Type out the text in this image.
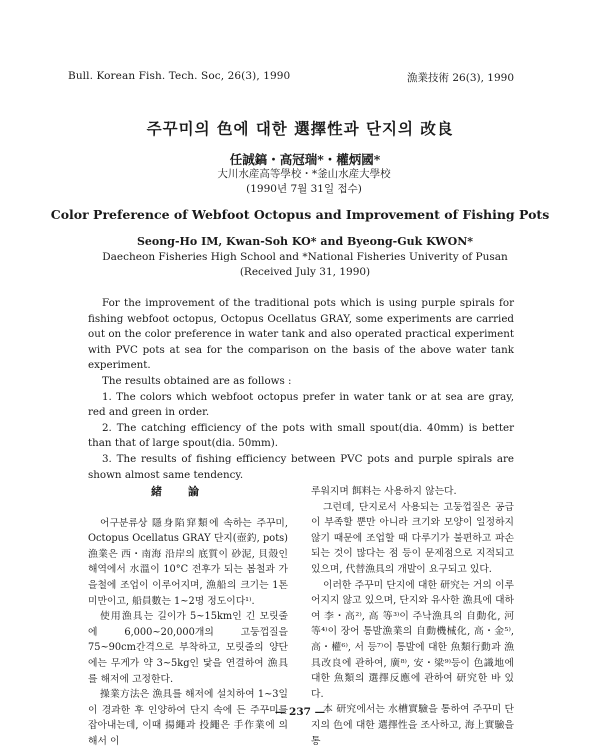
Bull. Korean Fish. Tech. Soc, 26(3), 1990	漁業技術 26(3), 1990
주꾸미의 色에 대한 選擇性과 단지의 改良
任誠鎬・高冠瑞*・權炳國*
大川水産高等學校・*釜山水産大學校
(1990년 7월 31일 접수)
Color Preference of Webfoot Octopus and Improvement of Fishing Pots
Seong-Ho IM, Kwan-Soh KO* and Byeong-Guk KWON*
Daecheon Fisheries High School and *National Fisheries Univerity of Pusan
(Received July 31, 1990)

For the improvement of the traditional pots which is using purple spirals for fishing webfoot octopus, Octopus Ocellatus GRAY, some experiments are carried out on the color preference in water tank and also operated practical experiment with PVC pots at sea for the comparison on the basis of the above water tank experiment.

The results obtained are as follows :

1. The colors which webfoot octopus prefer in water tank or at sea are gray, red and green in order.

2. The catching efficiency of the pots with small spout(dia. 40mm) is better than that of large spout(dia. 50mm).

3. The results of fishing efficiency between PVC pots and purple spirals are shown almost same tendency.

緒論

어구분류상 隱身陷穽類에 속하는 주꾸미, Octopus Ocellatus GRAY 단지(壺釣, pots) 漁業은 西・南海 沿岸의 底質이 砂泥, 貝殼인 해역에서 水溫이 10°C 전후가 되는 봄철과 가을철에 조업이 이루어지며, 漁船의 크기는 1톤 미만이고, 船員數는 1~2명 정도이다¹⁾.

使用漁具는 길이가 5~15km인 긴 모릿줄에 6,000~20,000개의 고둥껍질을 75~90cm간격으로 부착하고, 모릿줄의 양단에는 무게가 약 3~5kg인 닻을 연결하여 漁具를 해저에 고정한다.

操業方法은 漁具를 해저에 설치하여 1~3일이 경과한 후 인양하여 단지 속에 든 주꾸미를 잡아내는데, 이때 揚繩과 投繩은 手作業에 의해서 이

루워지며 餌料는 사용하지 않는다.

그런데, 단지로서 사용되는 고둥껍질은 공급이 부족할 뿐만 아니라 크기와 모양이 일정하지 않기 때문에 조업할 때 다루기가 불편하고 파손되는 것이 많다는 점 등이 문제점으로 지적되고 있으며, 代替漁具의 개발이 요구되고 있다.

이러한 주꾸미 단지에 대한 研究는 거의 이루어지지 않고 있으며, 단지와 유사한 漁具에 대하여 李・高²⁾, 高 等³⁾이 주낙漁具의 自動化, 河 等⁴⁾이 장어 통발漁業의 自動機械化, 高・金⁵⁾, 高・權⁶⁾, 서 등⁷⁾이 통발에 대한 魚類行動과 漁具改良에 관하여, 廣⁸⁾, 安・梁⁹⁾등이 色識地에 대한 魚類의 選擇反應에 관하여 研究한 바 있다.

本 研究에서는 水槽實驗을 통하여 주꾸미 단지의 色에 대한 選擇性을 조사하고, 海上實驗을 통

— 237 —
